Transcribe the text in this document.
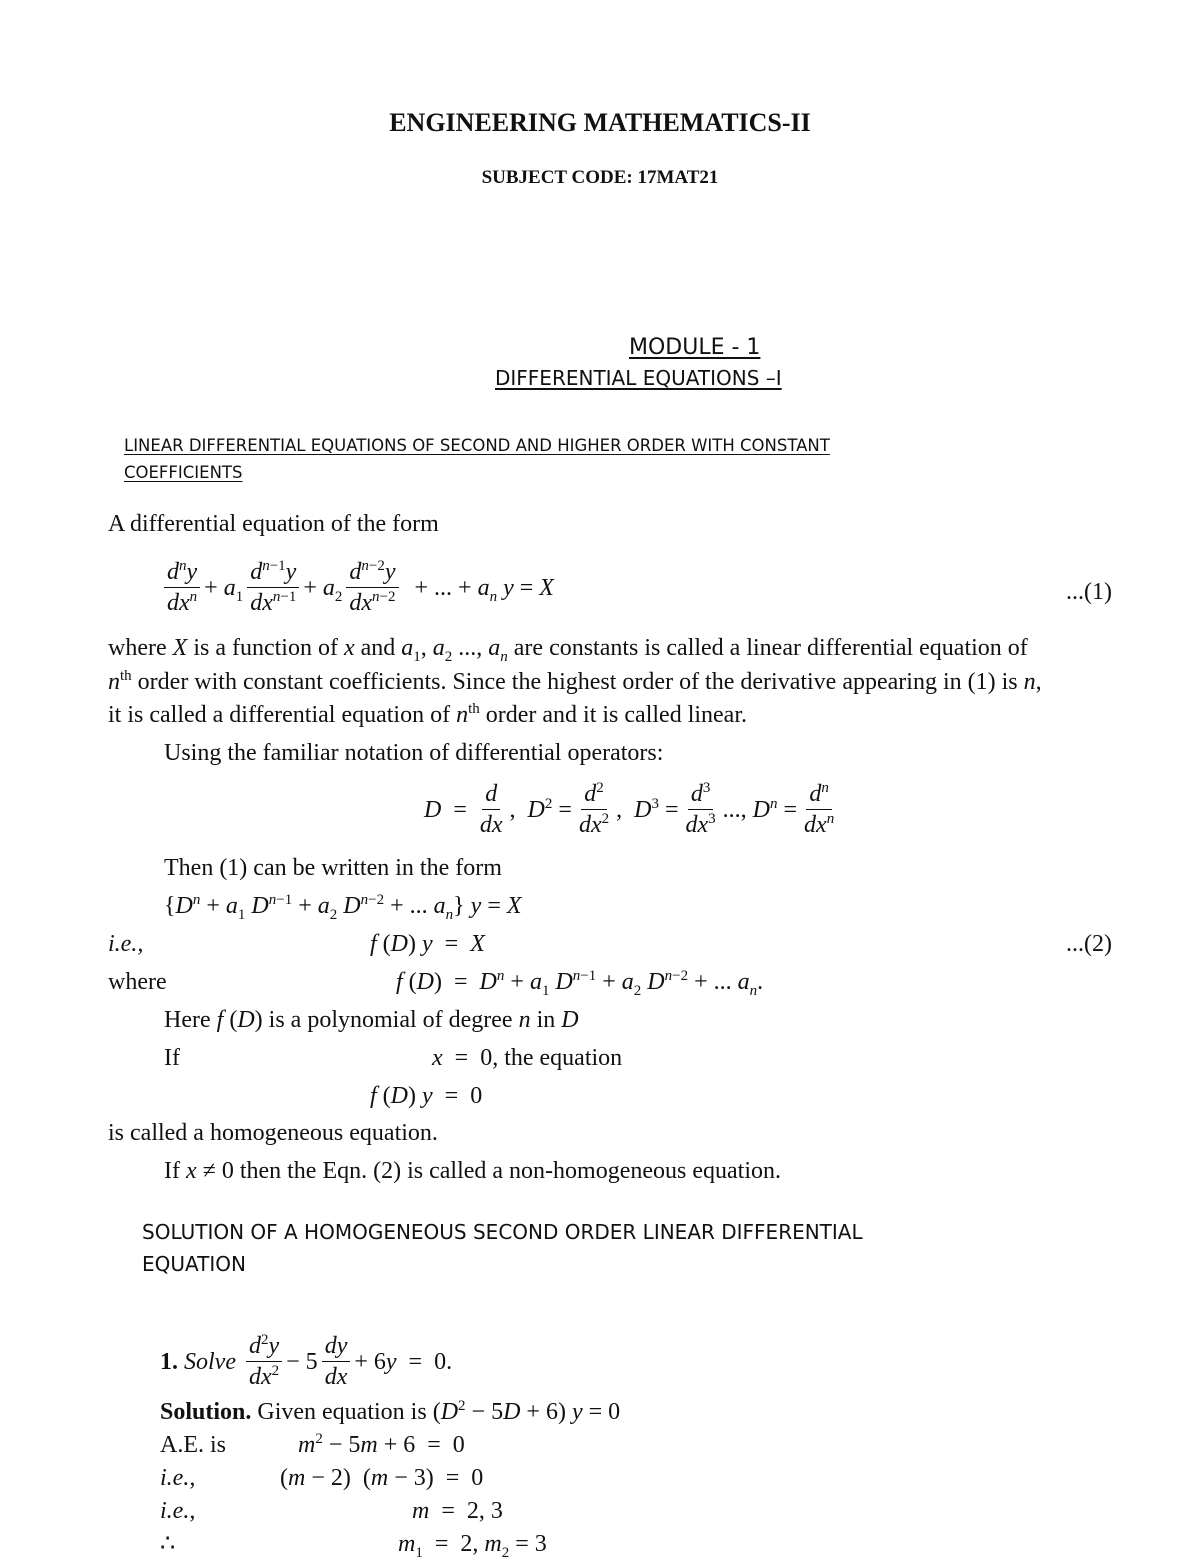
ENGINEERING MATHEMATICS-II
SUBJECT CODE: 17MAT21
MODULE - 1
DIFFERENTIAL EQUATIONS –I
LINEAR DIFFERENTIAL EQUATIONS OF SECOND AND HIGHER ORDER WITH CONSTANT
COEFFICIENTS
A differential equation of the form
$\frac{d^ny}{dx^n} + a_1 \frac{d^{n-1}y}{dx^{n-1}} + a_2 \frac{d^{n-2}y}{dx^{n-2}}$ + ... + $a_n$ y = X	...(1)
where X is a function of x and $a_1$, $a_2$ ..., $a_n$ are constants is called a linear differential equation of
$n^{th}$ order with constant coefficients. Since the highest order of the derivative appearing in (1) is n,
it is called a differential equation of $n^{th}$ order and it is called linear.
Using the familiar notation of differential operators:
$D = \frac{d}{dx}$ ,  $D^2 = \frac{d^2}{dx^2}$ ,  $D^3 = \frac{d^3}{dx^3}$ ..., $D^n = \frac{d^n}{dx^n}$
Then (1) can be written in the form
{$D^n + a_1$ $D^{n-1} + a_2$ $D^{n-2}$ + ... $a_n$} y = X
i.e.,	f (D) y  =  X	...(2)
where	f $(D) = D^n + a_1$ $D^{n-1} + a_2$ $D^{n-2}$ + ... $a_n$.
Here f (D) is a polynomial of degree n in D
If	x  =  0, the equation
f (D) y  =  0
is called a homogeneous equation.
If x ≠ 0 then the Eqn. (2) is called a non-homogeneous equation.
SOLUTION OF A HOMOGENEOUS SECOND ORDER LINEAR DIFFERENTIAL
EQUATION
1.
Solve
$\frac{d^2y}{dx^2} - 5 \frac{dy}{dx} + 6y = 0$.
Solution. Given equation is $(D^2 - 5D + 6) y = 0$
A.E. is	$m^2 - 5m + 6 = 0$
i.e.,	(m − 2)  (m − 3)  =  0
i.e.,	m  =  2, 3
∴	$m_1 = 2$, $m_2 = 3$
